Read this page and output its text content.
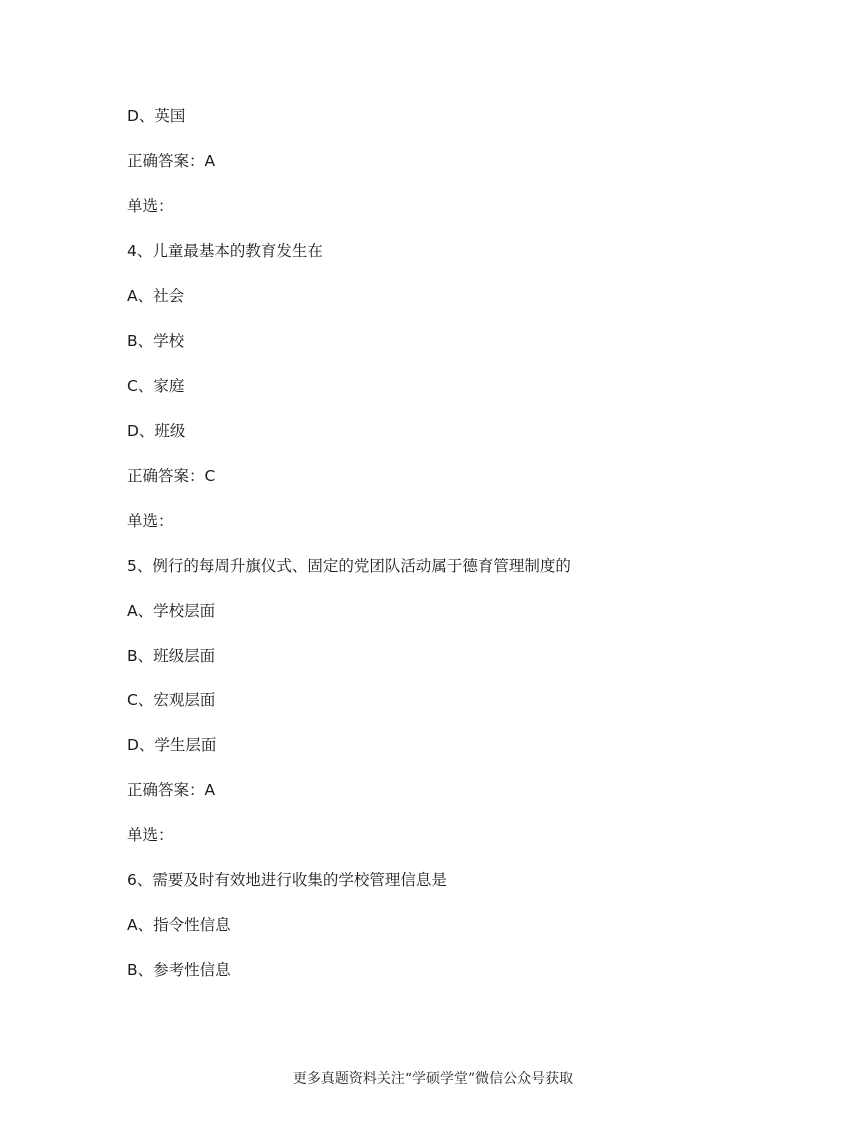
D、英国
正确答案：A
单选：
4、儿童最基本的教育发生在
A、社会
B、学校
C、家庭
D、班级
正确答案：C
单选：
5、例行的每周升旗仪式、固定的党团队活动属于德育管理制度的
A、学校层面
B、班级层面
C、宏观层面
D、学生层面
正确答案：A
单选：
6、需要及时有效地进行收集的学校管理信息是
A、指令性信息
B、参考性信息
更多真题资料关注“学硕学堂”微信公众号获取
